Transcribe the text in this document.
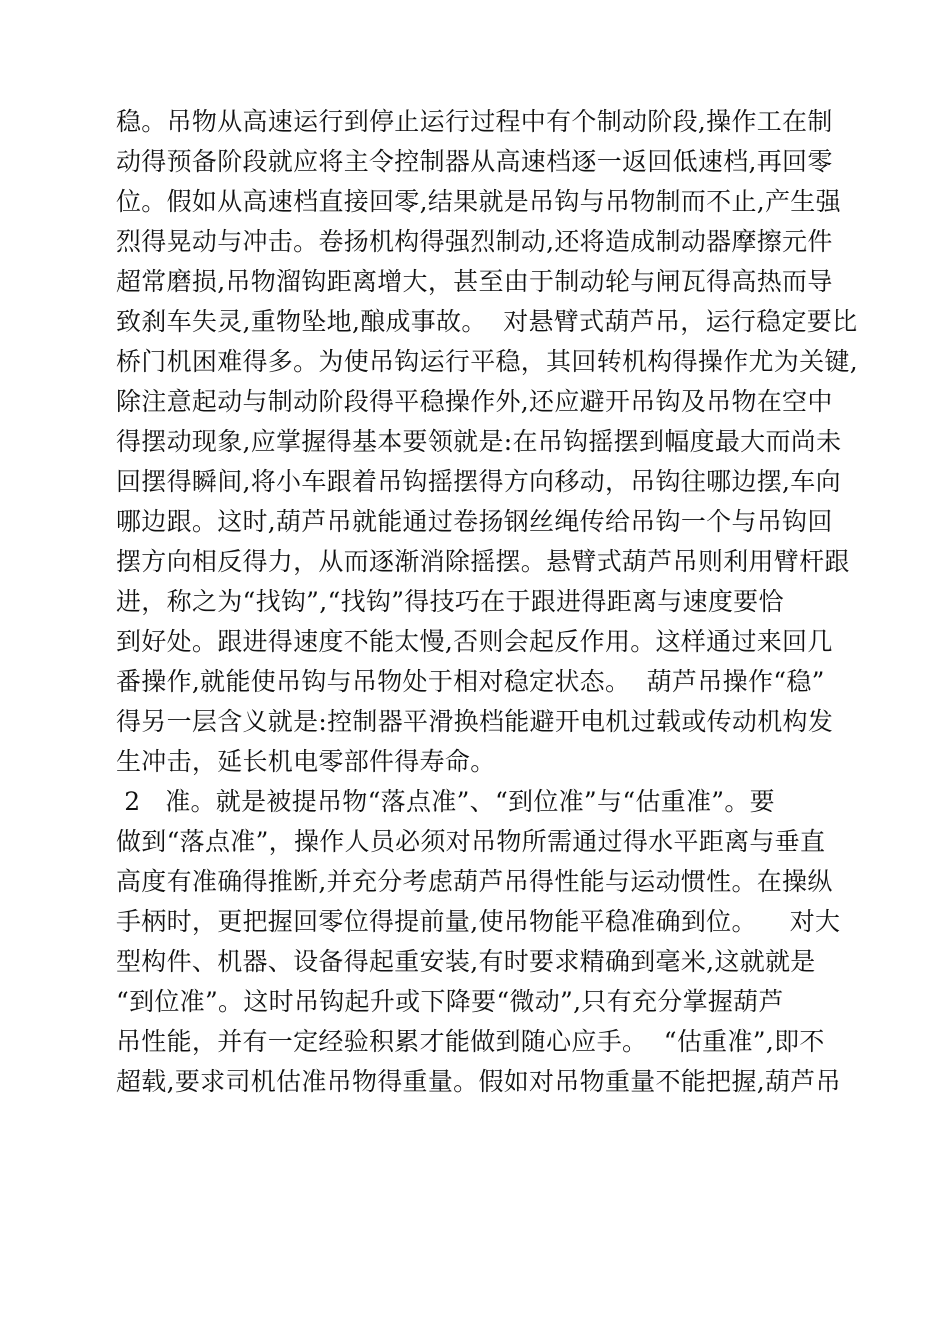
稳。吊物从高速运行到停止运行过程中有个制动阶段,操作工在制
动得预备阶段就应将主令控制器从高速档逐一返回低速档,再回零
位。假如从高速档直接回零,结果就是吊钩与吊物制而不止,产生强
烈得晃动与冲击。卷扬机构得强烈制动,还将造成制动器摩擦元件
超常磨损,吊物溜钩距离增大，甚至由于制动轮与闸瓦得高热而导
致刹车失灵,重物坠地,酿成事故。  对悬臂式葫芦吊，运行稳定要比
桥门机困难得多。为使吊钩运行平稳，其回转机构得操作尤为关键,
除注意起动与制动阶段得平稳操作外,还应避开吊钩及吊物在空中
得摆动现象,应掌握得基本要领就是:在吊钩摇摆到幅度最大而尚未
回摆得瞬间,将小车跟着吊钩摇摆得方向移动，吊钩往哪边摆,车向
哪边跟。这时,葫芦吊就能通过卷扬钢丝绳传给吊钩一个与吊钩回
摆方向相反得力，从而逐渐消除摇摆。悬臂式葫芦吊则利用臂杆跟
进，称之为“找钩”,“找钩”得技巧在于跟进得距离与速度要恰
到好处。跟进得速度不能太慢,否则会起反作用。这样通过来回几
番操作,就能使吊钩与吊物处于相对稳定状态。  葫芦吊操作“稳”
得另一层含义就是:控制器平滑换档能避开电机过载或传动机构发
生冲击，延长机电零部件得寿命。
2   准。就是被提吊物“落点准”、“到位准”与“估重准”。要
做到“落点准”，操作人员必须对吊物所需通过得水平距离与垂直
高度有准确得推断,并充分考虑葫芦吊得性能与运动惯性。在操纵
手柄时，更把握回零位得提前量,使吊物能平稳准确到位。    对大
型构件、机器、设备得起重安装,有时要求精确到毫米,这就就是
“到位准”。这时吊钩起升或下降要“微动”,只有充分掌握葫芦
吊性能，并有一定经验积累才能做到随心应手。  “估重准”,即不
超载,要求司机估准吊物得重量。假如对吊物重量不能把握,葫芦吊
